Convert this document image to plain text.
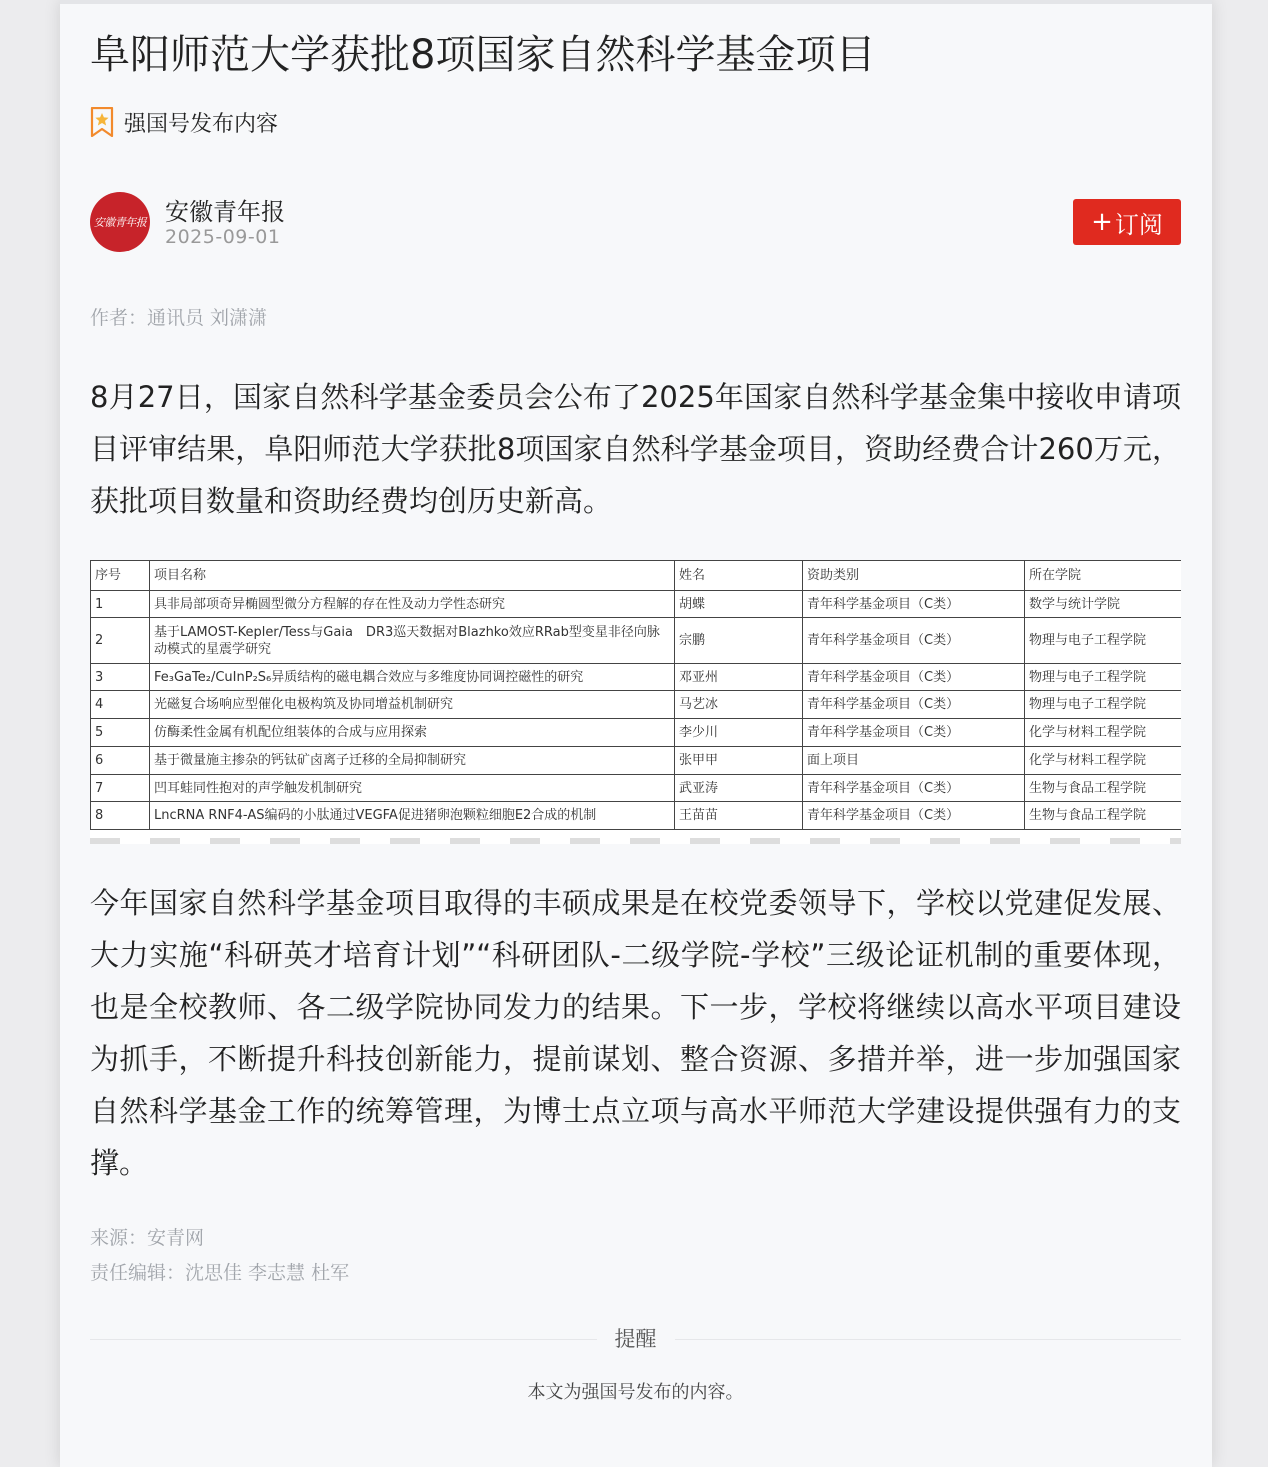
阜阳师范大学获批8项国家自然科学基金项目
强国号发布内容
安徽青年报 安徽青年报
2025-09-01	+ 订阅
作者：通讯员 刘潇潇

8月27日，国家自然科学基金委员会公布了2025年国家自然科学基金集中接收申请项目评审结果，阜阳师范大学获批8项国家自然科学基金项目，资助经费合计260万元，获批项目数量和资助经费均创历史新高。

序号	项目名称	姓名	资助类别	所在学院
1	具非局部项奇异椭圆型微分方程解的存在性及动力学性态研究	胡蝶	青年科学基金项目（C类）	数学与统计学院
2	基于LAMOST-Kepler/Tess与Gaia　DR3巡天数据对Blazhko效应RRab型变星非径向脉动模式的星震学研究	宗鹏	青年科学基金项目（C类）	物理与电子工程学院
3	Fe₃GaTe₂/CuInP₂S₆异质结构的磁电耦合效应与多维度协同调控磁性的研究	邓亚州	青年科学基金项目（C类）	物理与电子工程学院
4	光磁复合场响应型催化电极构筑及协同增益机制研究	马艺冰	青年科学基金项目（C类）	物理与电子工程学院
5	仿酶柔性金属有机配位组装体的合成与应用探索	李少川	青年科学基金项目（C类）	化学与材料工程学院
6	基于微量施主掺杂的钙钛矿卤离子迁移的全局抑制研究	张甲甲	面上项目	化学与材料工程学院
7	凹耳蛙同性抱对的声学触发机制研究	武亚涛	青年科学基金项目（C类）	生物与食品工程学院
8	LncRNA RNF4-AS编码的小肽通过VEGFA促进猪卵泡颗粒细胞E2合成的机制	王苗苗	青年科学基金项目（C类）	生物与食品工程学院

今年国家自然科学基金项目取得的丰硕成果是在校党委领导下，学校以党建促发展、大力实施“科研英才培育计划”“科研团队-二级学院-学校”三级论证机制的重要体现，也是全校教师、各二级学院协同发力的结果。下一步，学校将继续以高水平项目建设为抓手，不断提升科技创新能力，提前谋划、整合资源、多措并举，进一步加强国家自然科学基金工作的统筹管理，为博士点立项与高水平师范大学建设提供强有力的支撑。

来源：安青网
责任编辑：沈思佳 李志慧 杜军
提醒
本文为强国号发布的内容。
